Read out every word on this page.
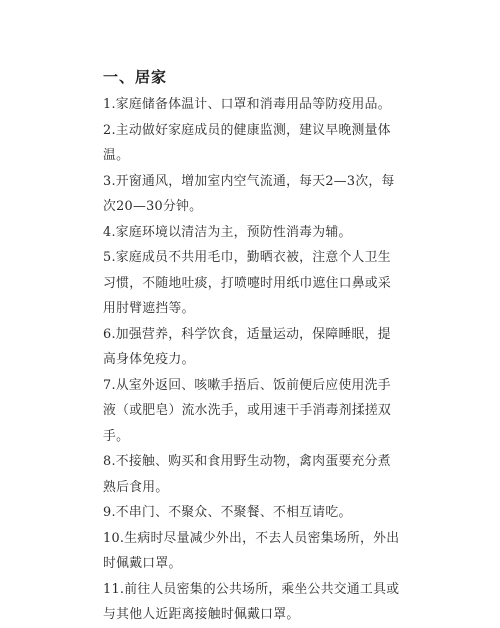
一、居家

1.家庭储备体温计、口罩和消毒用品等防疫用品。

2.主动做好家庭成员的健康监测，建议早晚测量体温。

3.开窗通风，增加室内空气流通，每天2—3次，每次20—30分钟。

4.家庭环境以清洁为主，预防性消毒为辅。

5.家庭成员不共用毛巾，勤晒衣被，注意个人卫生习惯，不随地吐痰，打喷嚏时用纸巾遮住口鼻或采用肘臂遮挡等。

6.加强营养，科学饮食，适量运动，保障睡眠，提高身体免疫力。

7.从室外返回、咳嗽手捂后、饭前便后应使用洗手液（或肥皂）流水洗手，或用速干手消毒剂揉搓双手。

8.不接触、购买和食用野生动物，禽肉蛋要充分煮熟后食用。

9.不串门、不聚众、不聚餐、不相互请吃。

10.生病时尽量减少外出，不去人员密集场所，外出时佩戴口罩。

11.前往人员密集的公共场所，乘坐公共交通工具或与其他人近距离接触时佩戴口罩。
